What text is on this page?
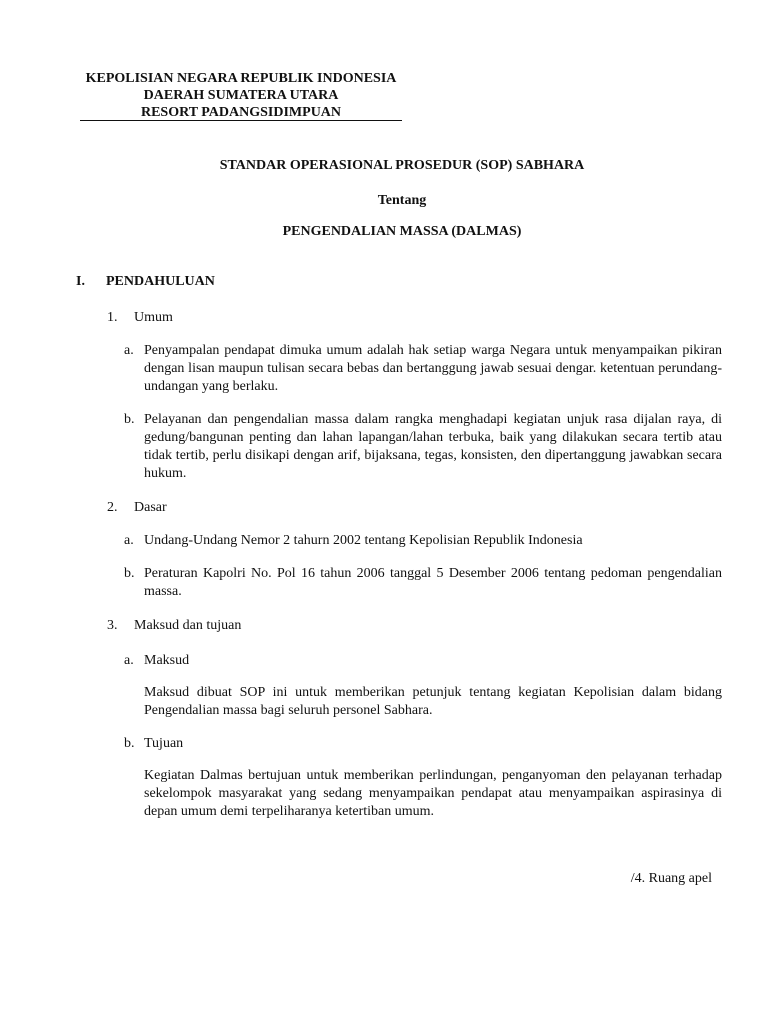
KEPOLISIAN NEGARA REPUBLIK INDONESIA
DAERAH SUMATERA UTARA
RESORT PADANGSIDIMPUAN
STANDAR OPERASIONAL PROSEDUR (SOP) SABHARA
Tentang
PENGENDALIAN MASSA (DALMAS)
I. PENDAHULUAN
1. Umum
a. Penyampalan pendapat dimuka umum adalah hak setiap warga Negara untuk menyampaikan pikiran dengan lisan maupun tulisan secara bebas dan bertanggung jawab sesuai dengar. ketentuan perundang-undangan yang berlaku.
b. Pelayanan dan pengendalian massa dalam rangka menghadapi kegiatan unjuk rasa dijalan raya, di gedung/bangunan penting dan lahan lapangan/lahan terbuka, baik yang dilakukan secara tertib atau tidak tertib, perlu disikapi dengan arif, bijaksana, tegas, konsisten, den dipertanggung jawabkan secara hukum.
2. Dasar
a. Undang-Undang Nemor 2 tahurn 2002 tentang Kepolisian Republik Indonesia
b. Peraturan Kapolri No. Pol 16 tahun 2006 tanggal 5 Desember 2006 tentang pedoman pengendalian massa.
3. Maksud dan tujuan
a. Maksud
Maksud dibuat SOP ini untuk memberikan petunjuk tentang kegiatan Kepolisian dalam bidang Pengendalian massa bagi seluruh personel Sabhara.
b. Tujuan
Kegiatan Dalmas bertujuan untuk memberikan perlindungan, penganyoman den pelayanan terhadap sekelompok masyarakat yang sedang menyampaikan pendapat atau menyampaikan aspirasinya di depan umum demi terpeliharanya ketertiban umum.
/4. Ruang apel
